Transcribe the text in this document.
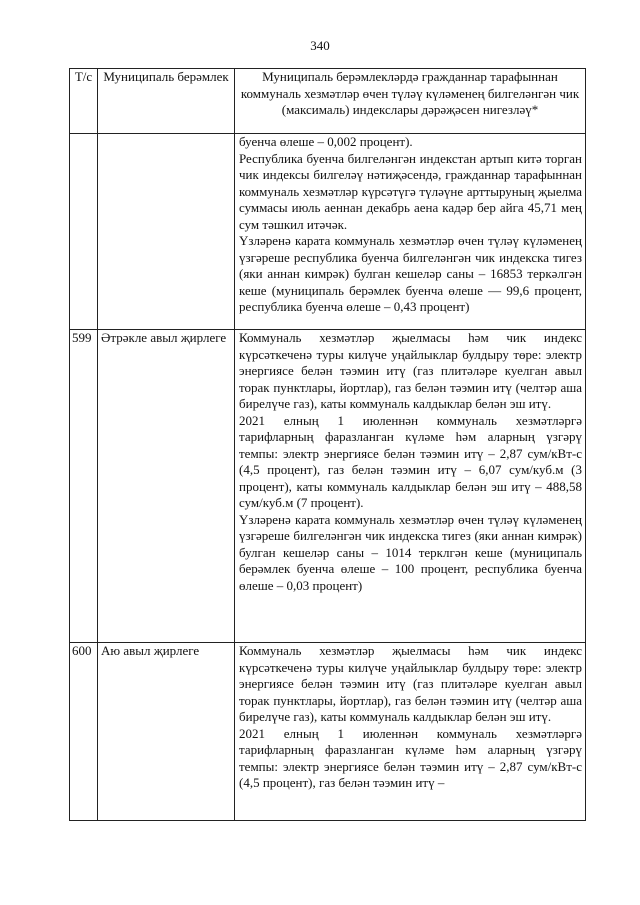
340
Т/с	Муниципаль берәмлек	Муниципаль берәмлекләрдә гражданнар тарафыннан коммуналь хезмәтләр өчен түләү күләменең билгеләнгән чик (максималь) индекслары дәрәҗәсен нигезләү*

		буенча өлеше – 0,002 процент).

Республика буенча билгеләнгән индекстан артып китә торган чик индексы билгеләү нәтиҗәсендә, гражданнар тарафыннан коммуналь хезмәтләр күрсәтүгә түләүне арттыруның җыелма суммасы июль аеннан декабрь аена кадәр бер айга 45,71 мең сум тәшкил итәчәк.

Үзләренә карата коммуналь хезмәтләр өчен түләү күләменең үзгәреше республика буенча билгеләнгән чик индекска тигез (яки аннан кимрәк) булган кешеләр саны – 16853 теркәлгән кеше (муниципаль берәмлек буенча өлеше — 99,6 процент, республика буенча өлеше – 0,43 процент)

599	Әтрәкле авыл җирлеге	Коммуналь хезмәтләр җыелмасы һәм чик индекс күрсәткеченә туры килүче уңайлыклар булдыру төре: электр энергиясе белән тәэмин итү (газ плитәләре куелган авыл торак пунктлары, йортлар), газ белән тәэмин итү (чeлтәр аша бирелүче газ), каты коммуналь калдыклар белән эш итү.

2021 елның 1 июленнән коммуналь хезмәтләргә тарифларның фаразланган күләме һәм аларның үзгәрү темпы: электр энергиясе белән тәэмин итү – 2,87 сум/кВт-с (4,5 процент), газ белән тәэмин итү – 6,07 сум/куб.м (3 процент), каты коммуналь калдыклар белән эш итү – 488,58 сум/куб.м (7 процент).

Үзләренә карата коммуналь хезмәтләр өчен түләү күләменең үзгәреше билгеләнгән чик индекска тигез (яки аннан кимрәк) булган кешеләр саны – 1014 терклгән кеше (муниципаль берәмлек буенча өлеше – 100 процент, республика буенча өлеше – 0,03 процент)

600	Аю авыл җирлеге	Коммуналь хезмәтләр җыелмасы һәм чик индекс күрсәткеченә туры килүче уңайлыклар булдыру төре: электр энергиясе белән тәэмин итү (газ плитәләре куелган авыл торак пунктлары, йортлар), газ белән тәэмин итү (челтәр аша бирелүче газ), каты коммуналь калдыклар белән эш итү.

2021 елның 1 июленнән коммуналь хезмәтләргә тарифларның фаразланган күләме һәм аларның үзгәрү темпы: электр энергиясе белән тәэмин итү – 2,87 сум/кВт-с (4,5 процент), газ белән тәэмин итү –
